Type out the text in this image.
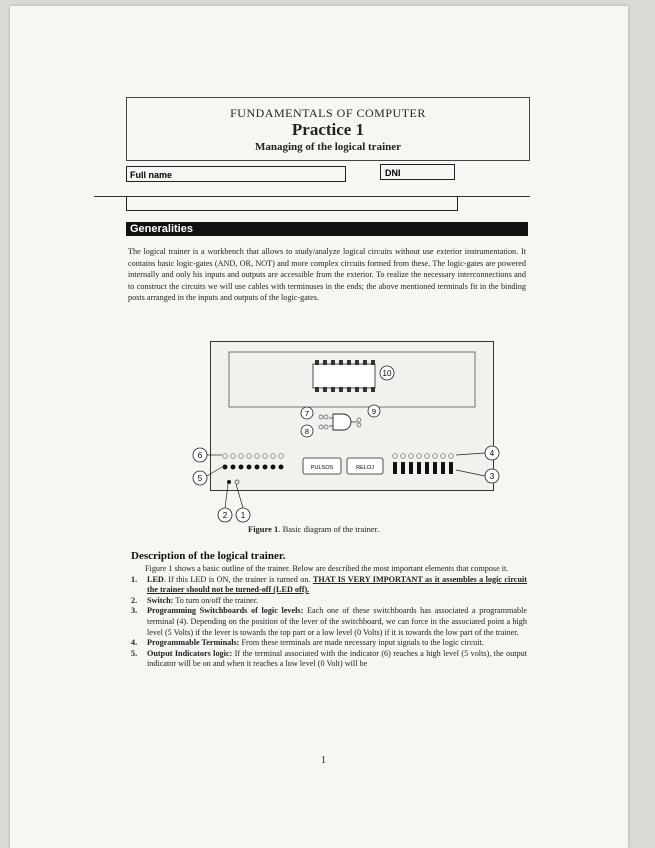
FUNDAMENTALS OF COMPUTER
Practice 1
Managing of the logical trainer
Full name	DNI
Generalities
The logical trainer is a workbench that allows to study/analyze logical circuits without use exterior instrumentation. It contains basic logic-gates (AND, OR, NOT) and more complex circuits formed from these. The logic-gates are powered internally and only his inputs and outputs are accessible from the exterior. To realize the necessary interconnections and to construct the circuits we will use cables with terminuses in the ends; the above mentioned terminals fit in the binding posts arranged in the inputs and outputs of the logic-gates.
10
7
8
9
PULSOS	RELOJ
6
5
4
3
2 1
Figure 1. Basic diagram of the trainer.
Description of the logical trainer.

Figure 1 shows a basic outline of the trainer. Below are described the most important elements that compose it.

1. LED. If this LED is ON, the trainer is turned on. THAT IS VERY IMPORTANT as it assembles a logic circuit the trainer should not be turned-off (LED off).

2. Switch: To turn on/off the trainer.

3. Programming Switchboards of logic levels: Each one of these switchboards has associated a programmable terminal (4). Depending on the position of the lever of the switchboard, we can force in the associated point a high level (5 Volts) if the lever is towards the top part or a low level (0 Volts) if it is towards the low part of the trainer.

4. Programmable Terminals: From these terminals are made necessary input signals to the logic circuit.

5. Output Indicators logic: If the terminal associated with the indicator (6) reaches a high level (5 volts), the output indicator will be on and when it reaches a low level (0 Volt) will be

1
